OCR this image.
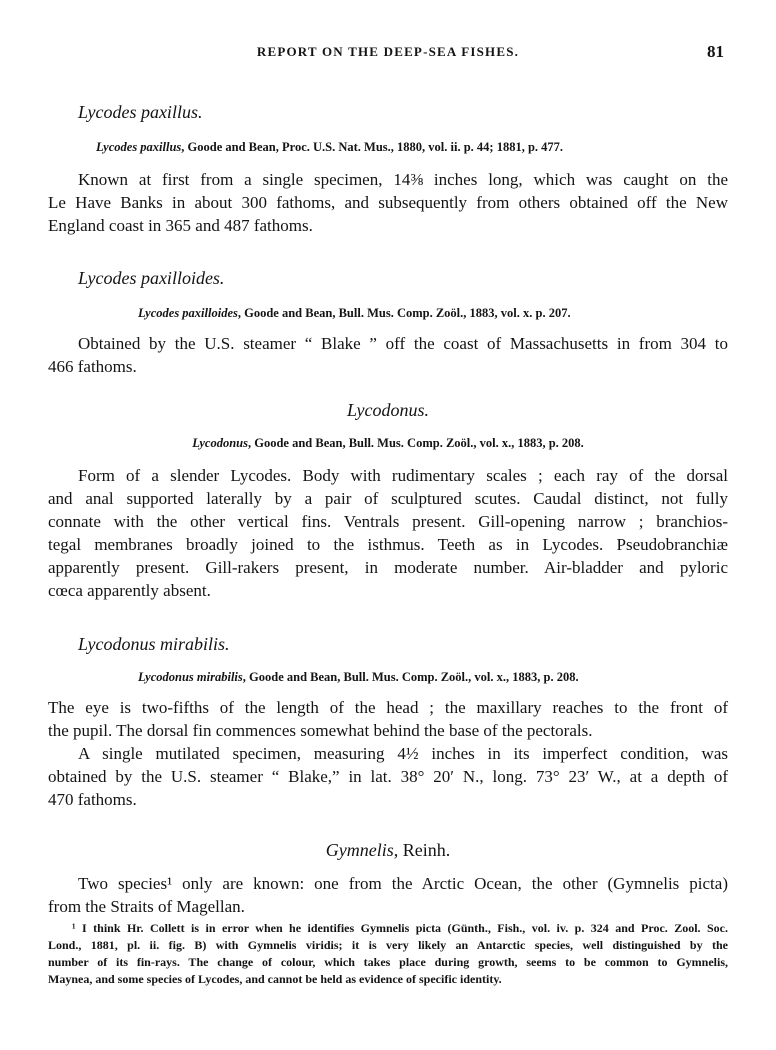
REPORT ON THE DEEP-SEA FISHES.	81
Lycodes paxillus.
Lycodes paxillus, Goode and Bean, Proc. U.S. Nat. Mus., 1880, vol. ii. p. 44; 1881, p. 477.
Known at first from a single specimen, 14⅜ inches long, which was caught on the
Le Have Banks in about 300 fathoms, and subsequently from others obtained off the New
England coast in 365 and 487 fathoms.
Lycodes paxilloides.
Lycodes paxilloides, Goode and Bean, Bull. Mus. Comp. Zoöl., 1883, vol. x. p. 207.
Obtained by the U.S. steamer “ Blake ” off the coast of Massachusetts in from 304 to
466 fathoms.
Lycodonus.
Lycodonus, Goode and Bean, Bull. Mus. Comp. Zoöl., vol. x., 1883, p. 208.
Form of a slender Lycodes. Body with rudimentary scales ; each ray of the dorsal
and anal supported laterally by a pair of sculptured scutes. Caudal distinct, not fully
connate with the other vertical fins. Ventrals present. Gill-opening narrow ; branchios-
tegal membranes broadly joined to the isthmus. Teeth as in Lycodes. Pseudobranchiæ
apparently present. Gill-rakers present, in moderate number. Air-bladder and pyloric
cœca apparently absent.
Lycodonus mirabilis.
Lycodonus mirabilis, Goode and Bean, Bull. Mus. Comp. Zoöl., vol. x., 1883, p. 208.
The eye is two-fifths of the length of the head ; the maxillary reaches to the front of
the pupil. The dorsal fin commences somewhat behind the base of the pectorals.
A single mutilated specimen, measuring 4½ inches in its imperfect condition, was
obtained by the U.S. steamer “ Blake,” in lat. 38° 20′ N., long. 73° 23′ W., at a depth of
470 fathoms.
Gymnelis, Reinh.
Two species¹ only are known: one from the Arctic Ocean, the other (Gymnelis picta)
from the Straits of Magellan.
¹ I think Hr. Collett is in error when he identifies Gymnelis picta (Günth., Fish., vol. iv. p. 324 and Proc. Zool. Soc.
Lond., 1881, pl. ii. fig. B) with Gymnelis viridis; it is very likely an Antarctic species, well distinguished by the
number of its fin-rays. The change of colour, which takes place during growth, seems to be common to Gymnelis,
Maynea, and some species of Lycodes, and cannot be held as evidence of specific identity.
